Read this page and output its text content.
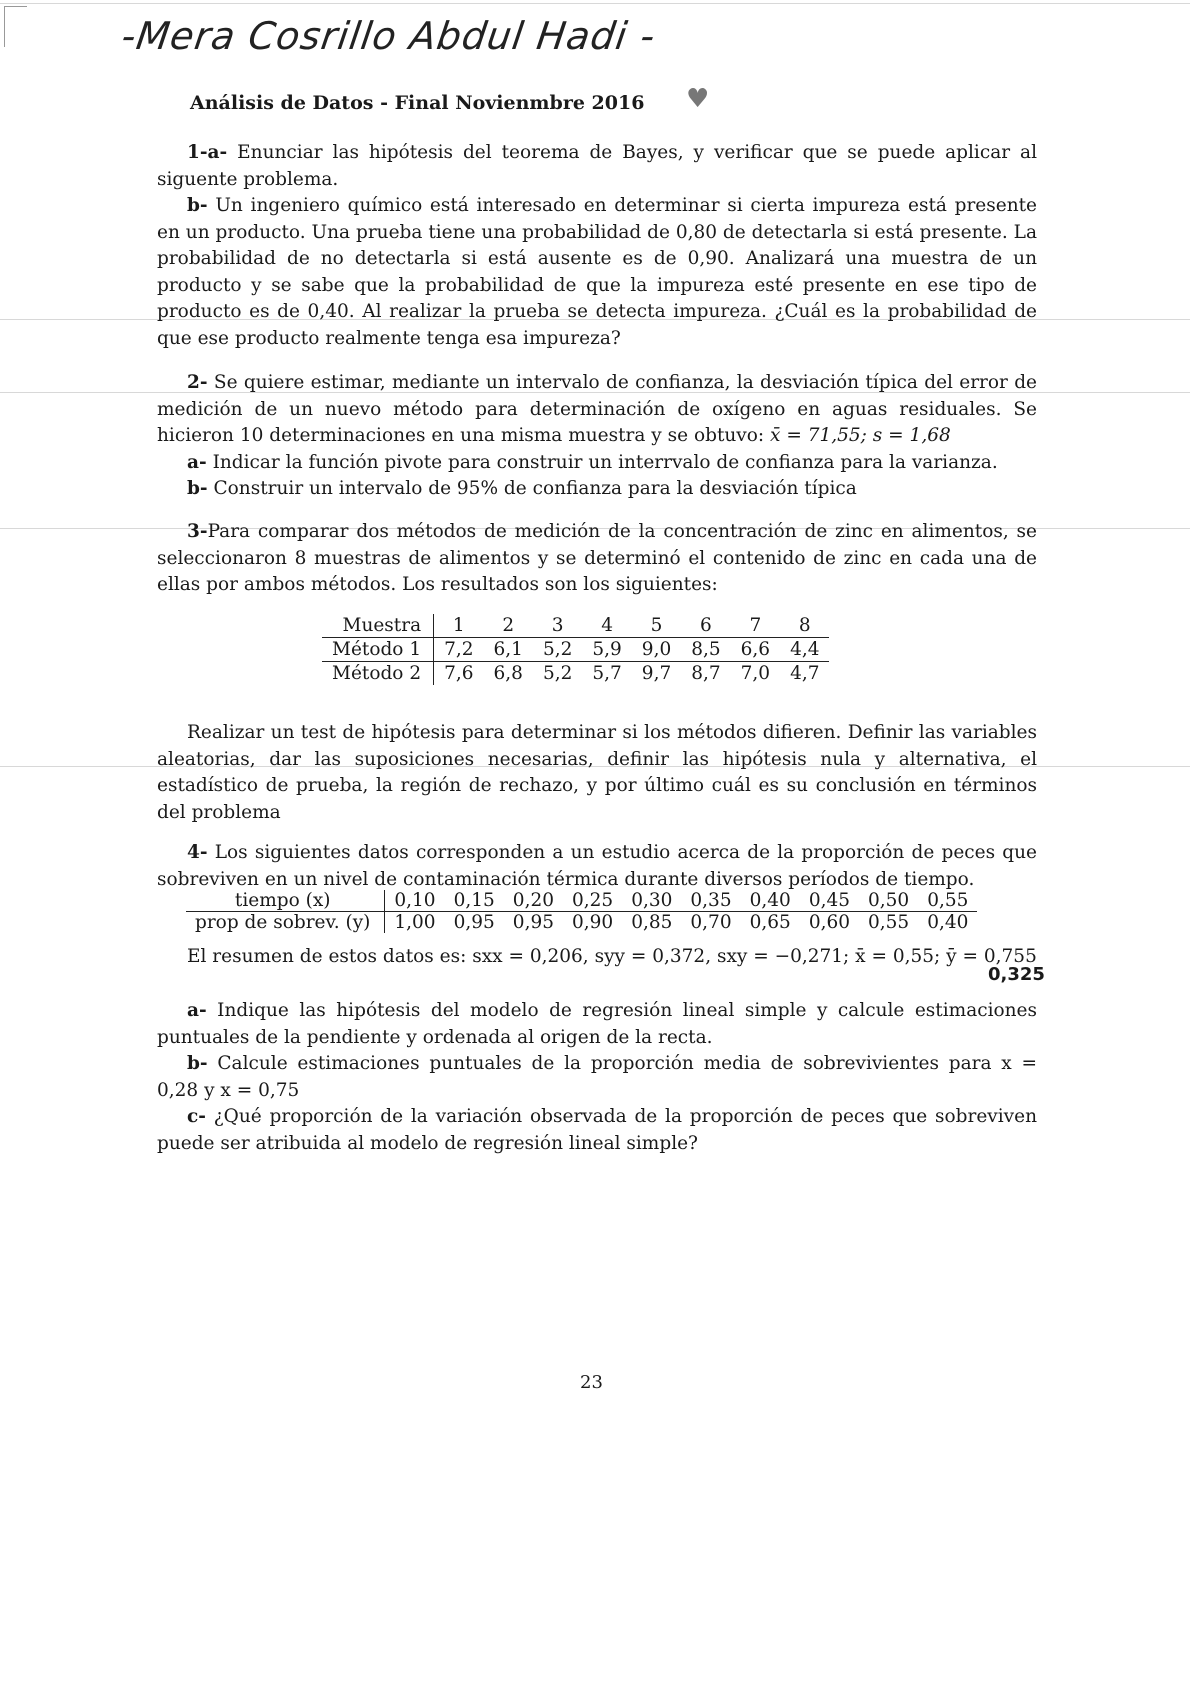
-Mera Cosrillo Abdul Hadi -
Análisis de Datos - Final Novienmbre 2016 ♥

1-a- Enunciar las hipótesis del teorema de Bayes, y verificar que se puede aplicar al siguente problema.

b- Un ingeniero químico está interesado en determinar si cierta impureza está presente en un producto. Una prueba tiene una probabilidad de 0,80 de detectarla si está presente. La probabilidad de no detectarla si está ausente es de 0,90. Analizará una muestra de un producto y se sabe que la probabilidad de que la impureza esté presente en ese tipo de producto es de 0,40. Al realizar la prueba se detecta impureza. ¿Cuál es la probabilidad de que ese producto realmente tenga esa impureza?

2- Se quiere estimar, mediante un intervalo de confianza, la desviación típica del error de medición de un nuevo método para determinación de oxígeno en aguas residuales. Se hicieron 10 determinaciones en una misma muestra y se obtuvo: x̄ = 71,55; s = 1,68

a- Indicar la función pivote para construir un interrvalo de confianza para la varianza.

b- Construir un intervalo de 95% de confianza para la desviación típica

3-Para comparar dos métodos de medición de la concentración de zinc en alimentos, se seleccionaron 8 muestras de alimentos y se determinó el contenido de zinc en cada una de ellas por ambos métodos. Los resultados son los siguientes:

Muestra	1	2	3	4	5	6	7	8
Método 1	7,2	6,1	5,2	5,9	9,0	8,5	6,6	4,4
Método 2	7,6	6,8	5,2	5,7	9,7	8,7	7,0	4,7

Realizar un test de hipótesis para determinar si los métodos difieren. Definir las variables aleatorias, dar las suposiciones necesarias, definir las hipótesis nula y alternativa, el estadístico de prueba, la región de rechazo, y por último cuál es su conclusión en términos del problema

4- Los siguientes datos corresponden a un estudio acerca de la proporción de peces que sobreviven en un nivel de contaminación térmica durante diversos períodos de tiempo.

tiempo (x)	0,10	0,15	0,20	0,25	0,30	0,35	0,40	0,45	0,50	0,55
prop de sobrev. (y)	1,00	0,95	0,95	0,90	0,85	0,70	0,65	0,60	0,55	0,40

El resumen de estos datos es: sxx = 0,206, syy = 0,372, sxy = −0,271; x̄ = 0,55; ȳ = 0,755

0,325

a- Indique las hipótesis del modelo de regresión lineal simple y calcule estimaciones puntuales de la pendiente y ordenada al origen de la recta.

b- Calcule estimaciones puntuales de la proporción media de sobrevivientes para x = 0,28 y x = 0,75

c- ¿Qué proporción de la variación observada de la proporción de peces que sobreviven puede ser atribuida al modelo de regresión lineal simple?

23
